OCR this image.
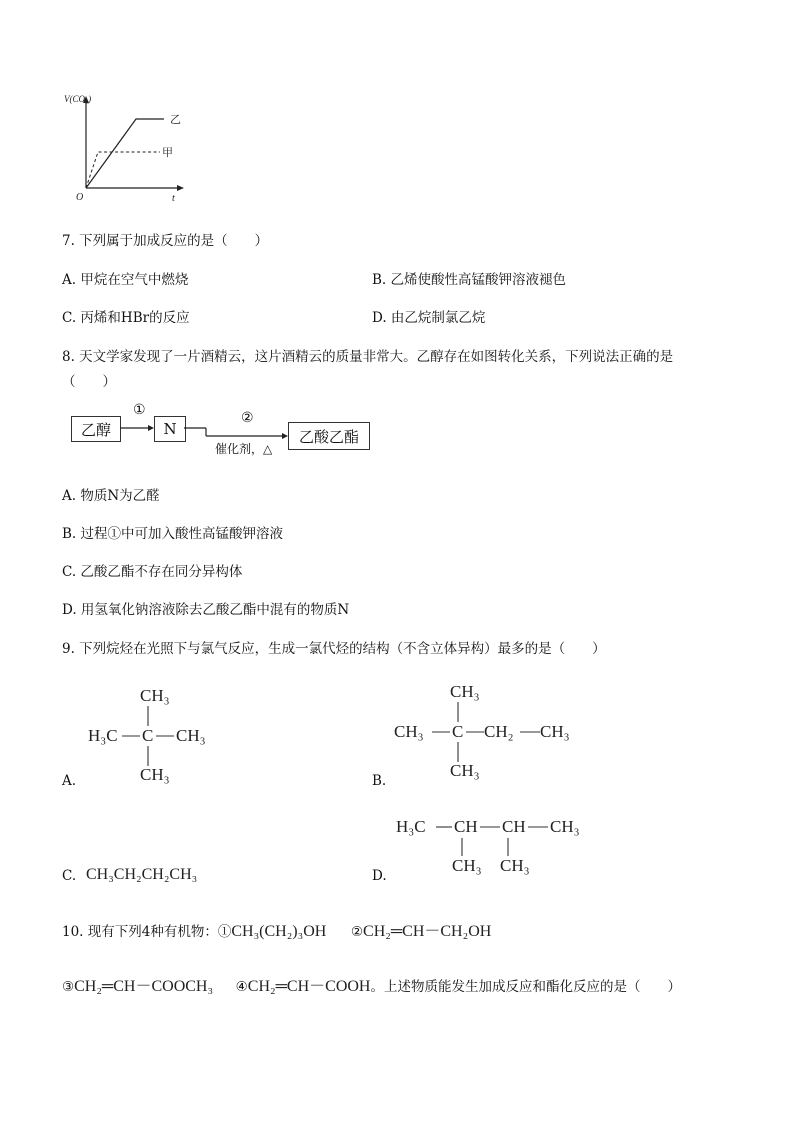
V(CO₂)
t
O
乙
甲
7. 下列属于加成反应的是（　　）
A. 甲烷在空气中燃烧	B. 乙烯使酸性高锰酸钾溶液褪色
C. 丙烯和HBr的反应	D. 由乙烷制氯乙烷
8. 天文学家发现了一片酒精云，这片酒精云的质量非常大。乙醇存在如图转化关系，下列说法正确的是
（　　）
乙醇	N	乙酸乙酯
①	②
催化剂，△
A. 物质N为乙醛
B. 过程①中可加入酸性高锰酸钾溶液
C. 乙酸乙酯不存在同分异构体
D. 用氢氧化钠溶液除去乙酸乙酯中混有的物质N
9. 下列烷烃在光照下与氯气反应，生成一氯代烃的结构（不含立体异构）最多的是（　　）
CH₃
H₃C C CH₃
CH₃
A.
CH₃
CH₃ C CH₂ CH₃
CH₃
B.
C. CH₃CH₂CH₂CH₃
H₃C CH CH CH₃
CH₃ CH₃
D.
10. 现有下列4种有机物：①CH₃(CH₂)₃OH ②CH₂═CH－CH₂OH
③CH₂═CH－COOCH₃ ④CH₂═CH－COOH。上述物质能发生加成反应和酯化反应的是（　　）
